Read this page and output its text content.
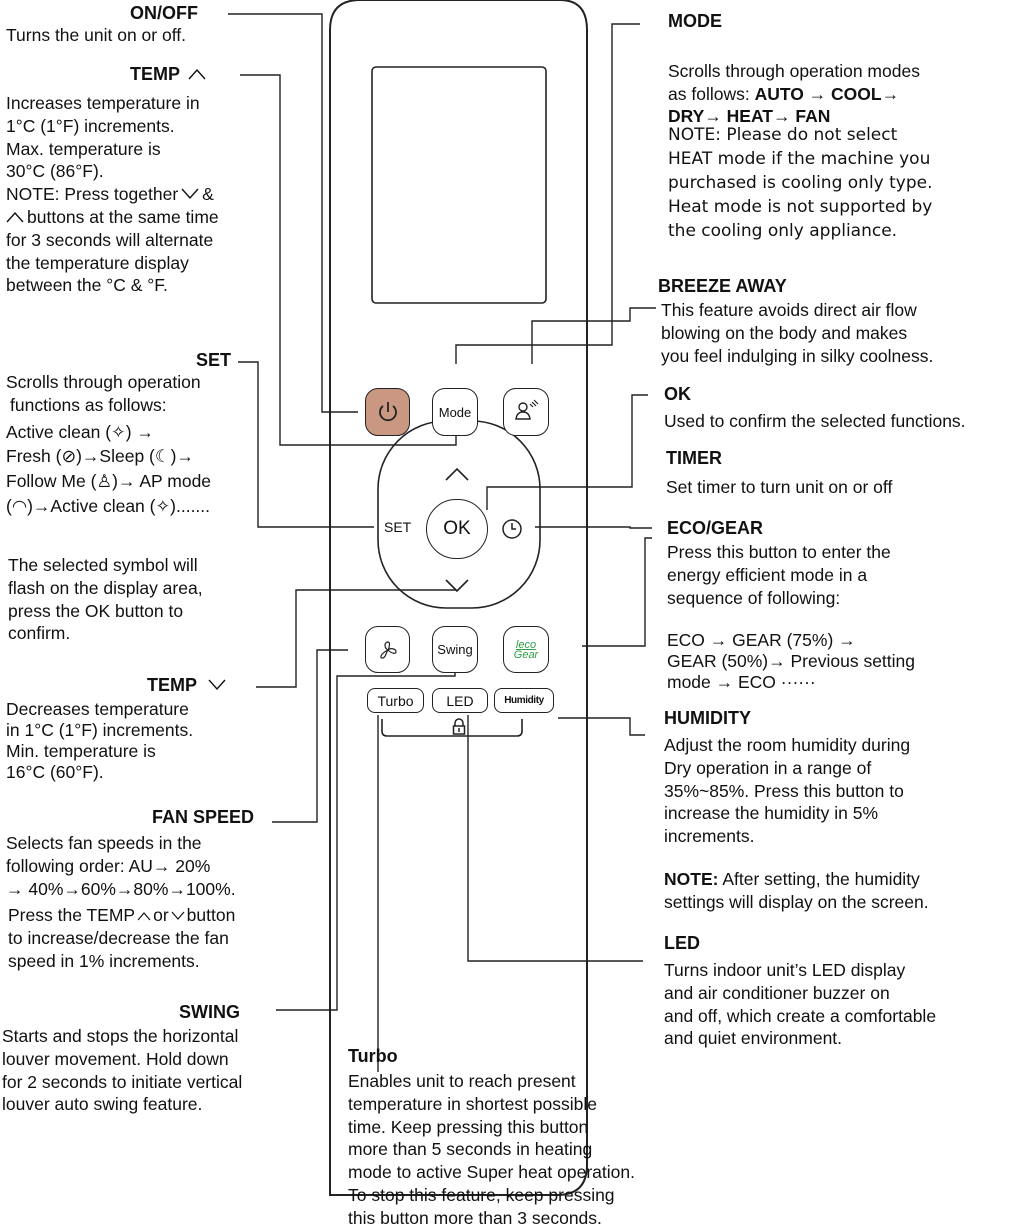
Mode
SET OK
Swing	leco
Gear
Turbo LED	Humidity
ON/OFF
Turns the unit on or off.
TEMP
Increases temperature in
1°C (1°F) increments.
Max. temperature is
30°C (86°F).
NOTE: Press together &
buttons at the same time
for 3 seconds will alternate
the temperature display
between the °C & °F.
SET
Scrolls through operation
functions as follows:
Active clean (✧) →
Fresh (⊘)→Sleep (☾)→
Follow Me (♙)→ AP mode
(◠)→Active clean (✧).......
The selected symbol will
flash on the display area,
press the OK button to
confirm.
TEMP
Decreases temperature
in 1°C (1°F) increments.
Min. temperature is
16°C (60°F).
FAN SPEED
Selects fan speeds in the
following order: AU→ 20%
→ 40%→60%→80%→100%.
Press the TEMP or button
to increase/decrease the fan
speed in 1% increments.
SWING
Starts and stops the horizontal
louver movement. Hold down
for 2 seconds to initiate vertical
louver auto swing feature.
Turbo
Enables unit to reach present
temperature in shortest possible
time. Keep pressing this button
more than 5 seconds in heating
mode to active Super heat operation.
To stop this feature, keep pressing
this button more than 3 seconds.
MODE

Scrolls through operation modes
as follows: AUTO → COOL→

DRY→ HEAT→ FAN

NOTE: Please do not select
HEAT mode if the machine you
purchased is cooling only type.
Heat mode is not supported by
the cooling only appliance.
BREEZE AWAY
This feature avoids direct air flow
blowing on the body and makes
you feel indulging in silky coolness.
OK
Used to confirm the selected functions.
TIMER
Set timer to turn unit on or off
ECO/GEAR
Press this button to enter the
energy efficient mode in a
sequence of following:
ECO → GEAR (75%) →
GEAR (50%)→ Previous setting
mode → ECO ······
HUMIDITY
Adjust the room humidity during
Dry operation in a range of
35%~85%. Press this button to
increase the humidity in 5%
increments.
NOTE: After setting, the humidity
settings will display on the screen.
LED
Turns indoor unit’s LED display
and air conditioner buzzer on
and off, which create a comfortable
and quiet environment.
